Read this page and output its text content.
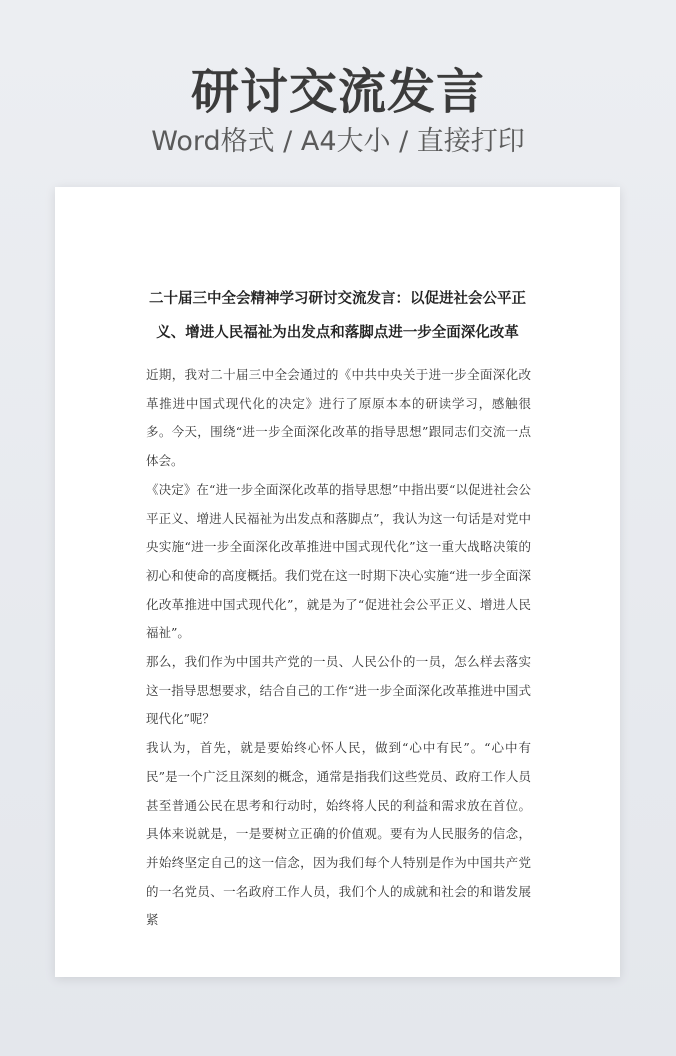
研讨交流发言
Word格式 / A4大小 / 直接打印
二十届三中全会精神学习研讨交流发言：以促进社会公平正义、增进人民福祉为出发点和落脚点进一步全面深化改革

近期，我对二十届三中全会通过的《中共中央关于进一步全面深化改革推进中国式现代化的决定》进行了原原本本的研读学习，感触很多。今天，围绕“进一步全面深化改革的指导思想”跟同志们交流一点体会。

《决定》在“进一步全面深化改革的指导思想”中指出要“以促进社会公平正义、增进人民福祉为出发点和落脚点”，我认为这一句话是对党中央实施“进一步全面深化改革推进中国式现代化”这一重大战略决策的初心和使命的高度概括。我们党在这一时期下决心实施“进一步全面深化改革推进中国式现代化”，就是为了“促进社会公平正义、增进人民福祉”。

那么，我们作为中国共产党的一员、人民公仆的一员，怎么样去落实这一指导思想要求，结合自己的工作“进一步全面深化改革推进中国式现代化”呢？

我认为，首先，就是要始终心怀人民，做到“心中有民”。“心中有民”是一个广泛且深刻的概念，通常是指我们这些党员、政府工作人员甚至普通公民在思考和行动时，始终将人民的利益和需求放在首位。具体来说就是，一是要树立正确的价值观。要有为人民服务的信念，并始终坚定自己的这一信念，因为我们每个人特别是作为中国共产党的一名党员、一名政府工作人员，我们个人的成就和社会的和谐发展紧
